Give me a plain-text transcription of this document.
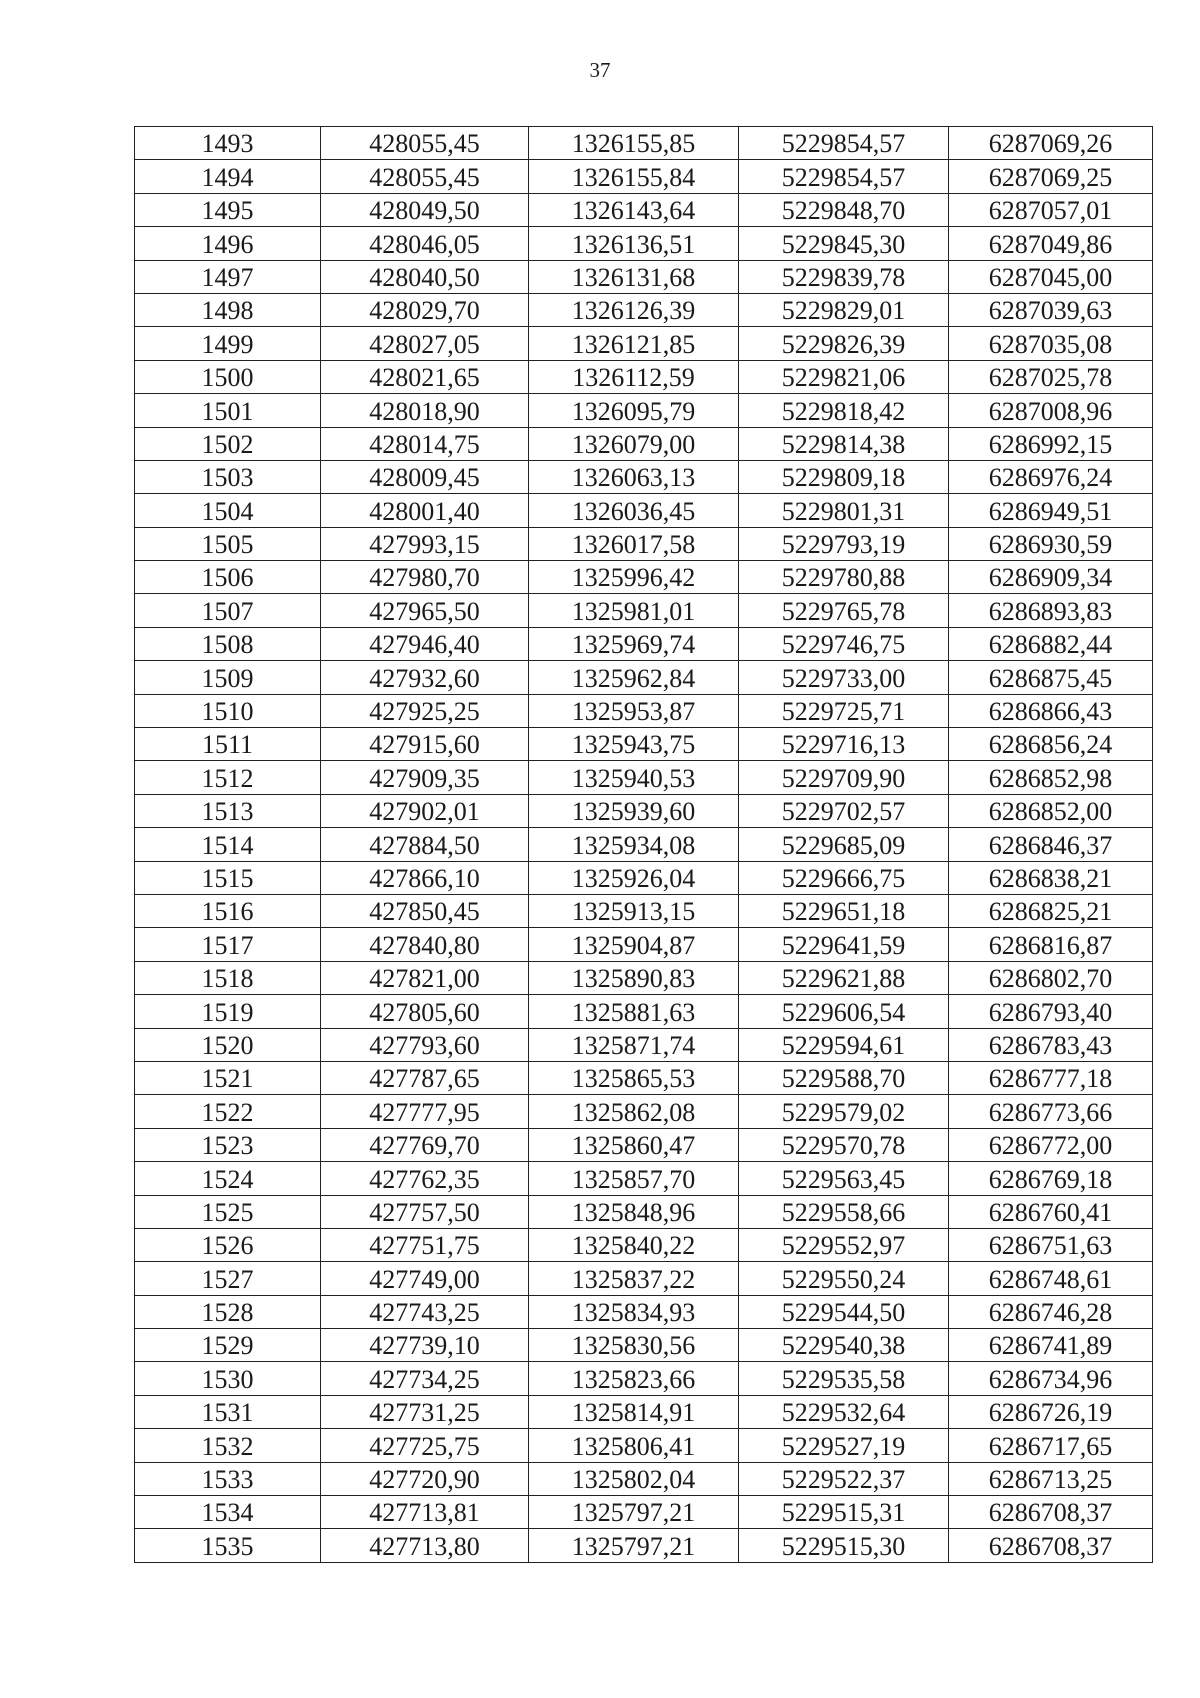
37
1493	428055,45	1326155,85	5229854,57	6287069,26
1494	428055,45	1326155,84	5229854,57	6287069,25
1495	428049,50	1326143,64	5229848,70	6287057,01
1496	428046,05	1326136,51	5229845,30	6287049,86
1497	428040,50	1326131,68	5229839,78	6287045,00
1498	428029,70	1326126,39	5229829,01	6287039,63
1499	428027,05	1326121,85	5229826,39	6287035,08
1500	428021,65	1326112,59	5229821,06	6287025,78
1501	428018,90	1326095,79	5229818,42	6287008,96
1502	428014,75	1326079,00	5229814,38	6286992,15
1503	428009,45	1326063,13	5229809,18	6286976,24
1504	428001,40	1326036,45	5229801,31	6286949,51
1505	427993,15	1326017,58	5229793,19	6286930,59
1506	427980,70	1325996,42	5229780,88	6286909,34
1507	427965,50	1325981,01	5229765,78	6286893,83
1508	427946,40	1325969,74	5229746,75	6286882,44
1509	427932,60	1325962,84	5229733,00	6286875,45
1510	427925,25	1325953,87	5229725,71	6286866,43
1511	427915,60	1325943,75	5229716,13	6286856,24
1512	427909,35	1325940,53	5229709,90	6286852,98
1513	427902,01	1325939,60	5229702,57	6286852,00
1514	427884,50	1325934,08	5229685,09	6286846,37
1515	427866,10	1325926,04	5229666,75	6286838,21
1516	427850,45	1325913,15	5229651,18	6286825,21
1517	427840,80	1325904,87	5229641,59	6286816,87
1518	427821,00	1325890,83	5229621,88	6286802,70
1519	427805,60	1325881,63	5229606,54	6286793,40
1520	427793,60	1325871,74	5229594,61	6286783,43
1521	427787,65	1325865,53	5229588,70	6286777,18
1522	427777,95	1325862,08	5229579,02	6286773,66
1523	427769,70	1325860,47	5229570,78	6286772,00
1524	427762,35	1325857,70	5229563,45	6286769,18
1525	427757,50	1325848,96	5229558,66	6286760,41
1526	427751,75	1325840,22	5229552,97	6286751,63
1527	427749,00	1325837,22	5229550,24	6286748,61
1528	427743,25	1325834,93	5229544,50	6286746,28
1529	427739,10	1325830,56	5229540,38	6286741,89
1530	427734,25	1325823,66	5229535,58	6286734,96
1531	427731,25	1325814,91	5229532,64	6286726,19
1532	427725,75	1325806,41	5229527,19	6286717,65
1533	427720,90	1325802,04	5229522,37	6286713,25
1534	427713,81	1325797,21	5229515,31	6286708,37
1535	427713,80	1325797,21	5229515,30	6286708,37
